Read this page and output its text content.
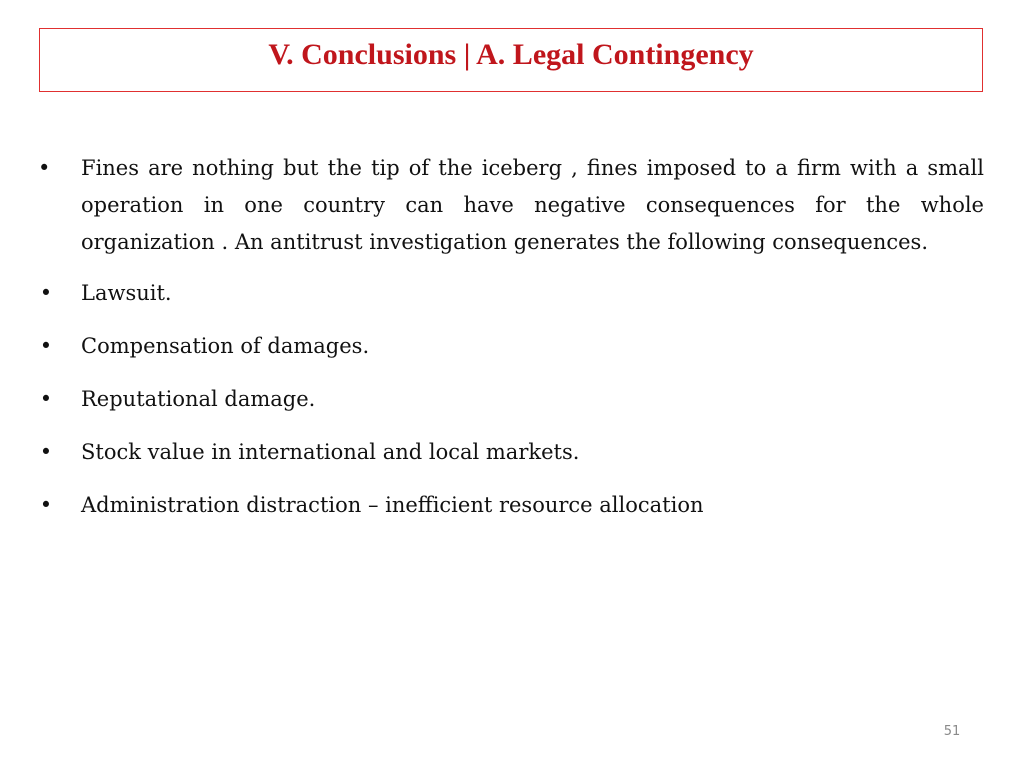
V. Conclusions | A. Legal Contingency
• Fines are nothing but the tip of the iceberg , fines imposed to a firm with a small operation in one country can have negative consequences for the whole organization . An antitrust investigation generates the following consequences.
• Lawsuit.
• Compensation of damages.
• Reputational damage.
• Stock value in international and local markets.
• Administration distraction – inefficient resource allocation
51
